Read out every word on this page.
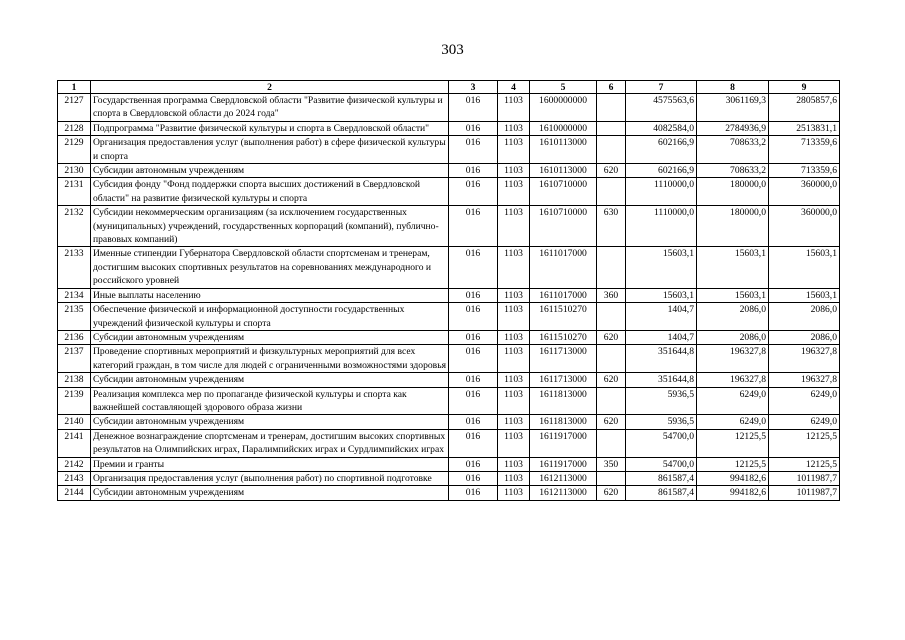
303
1	2	3	4	5	6	7	8	9
2127	Государственная программа Свердловской области "Развитие физической культуры и спорта в Свердловской области до 2024 года"	016	1103	1600000000		4575563,6	3061169,3	2805857,6
2128	Подпрограмма "Развитие физической культуры и спорта в Свердловской области"	016	1103	1610000000		4082584,0	2784936,9	2513831,1
2129	Организация предоставления услуг (выполнения работ) в сфере физической культуры и спорта	016	1103	1610113000		602166,9	708633,2	713359,6
2130	Субсидии автономным учреждениям	016	1103	1610113000	620	602166,9	708633,2	713359,6
2131	Субсидия фонду "Фонд поддержки спорта высших достижений в Свердловской области" на развитие физической культуры и спорта	016	1103	1610710000		1110000,0	180000,0	360000,0
2132	Субсидии некоммерческим организациям (за исключением государственных (муниципальных) учреждений, государственных корпораций (компаний), публично-правовых компаний)	016	1103	1610710000	630	1110000,0	180000,0	360000,0
2133	Именные стипендии Губернатора Свердловской области спортсменам и тренерам, достигшим высоких спортивных результатов на соревнованиях международного и российского уровней	016	1103	1611017000		15603,1	15603,1	15603,1
2134	Иные выплаты населению	016	1103	1611017000	360	15603,1	15603,1	15603,1
2135	Обеспечение физической и информационной доступности государственных учреждений физической культуры и спорта	016	1103	1611510270		1404,7	2086,0	2086,0
2136	Субсидии автономным учреждениям	016	1103	1611510270	620	1404,7	2086,0	2086,0
2137	Проведение спортивных мероприятий и физкультурных мероприятий для всех категорий граждан, в том числе для людей с ограниченными возможностями здоровья	016	1103	1611713000		351644,8	196327,8	196327,8
2138	Субсидии автономным учреждениям	016	1103	1611713000	620	351644,8	196327,8	196327,8
2139	Реализация комплекса мер по пропаганде физической культуры и спорта как важнейшей составляющей здорового образа жизни	016	1103	1611813000		5936,5	6249,0	6249,0
2140	Субсидии автономным учреждениям	016	1103	1611813000	620	5936,5	6249,0	6249,0
2141	Денежное вознаграждение спортсменам и тренерам, достигшим высоких спортивных результатов на Олимпийских играх, Паралимпийских играх и Сурдлимпийских играх	016	1103	1611917000		54700,0	12125,5	12125,5
2142	Премии и гранты	016	1103	1611917000	350	54700,0	12125,5	12125,5
2143	Организация предоставления услуг (выполнения работ) по спортивной подготовке	016	1103	1612113000		861587,4	994182,6	1011987,7
2144	Субсидии автономным учреждениям	016	1103	1612113000	620	861587,4	994182,6	1011987,7
